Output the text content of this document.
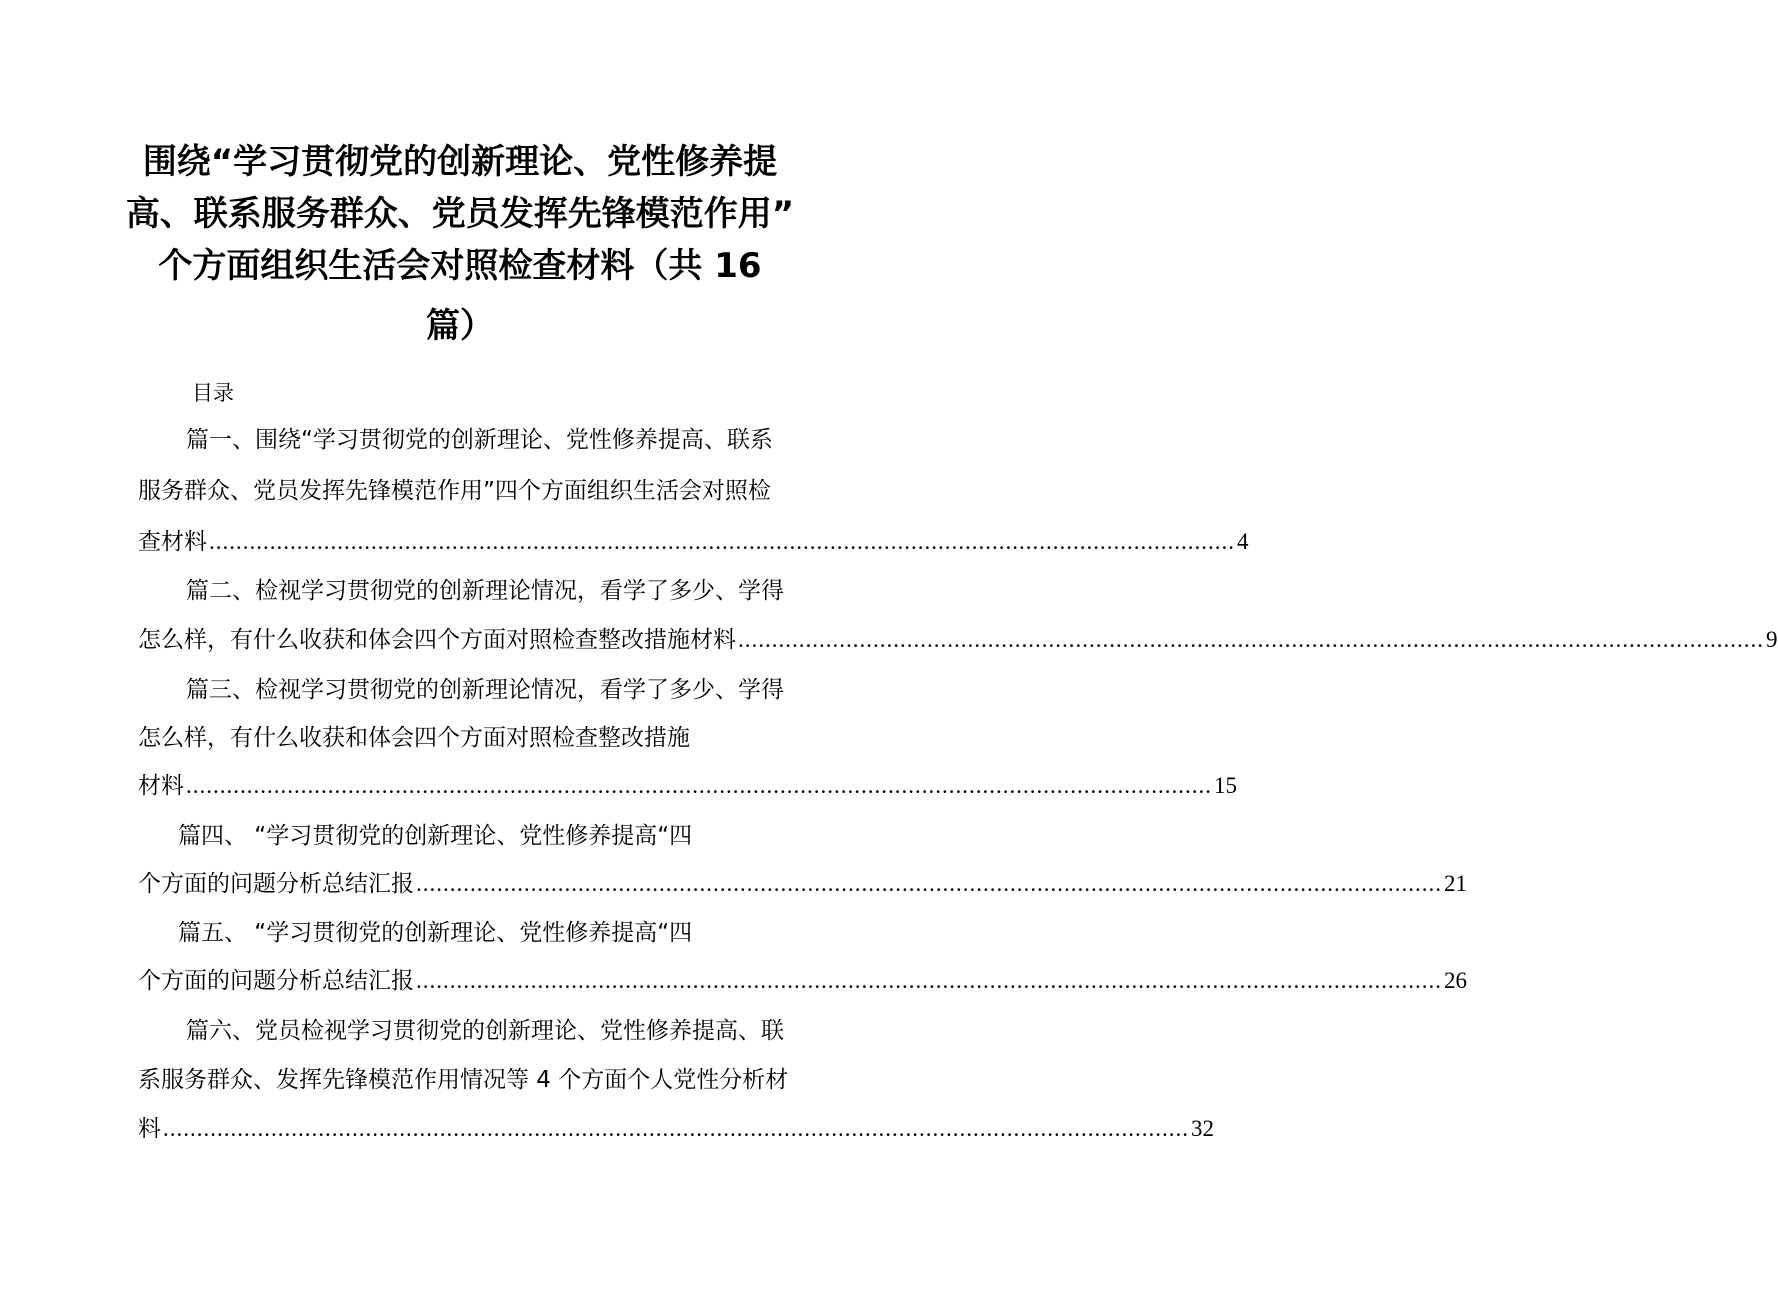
围绕“学习贯彻党的创新理论、党性修养提
高、联系服务群众、党员发挥先锋模范作用”
个方面组织生活会对照检查材料（共 16
篇）
目录
篇一、围绕“学习贯彻党的创新理论、党性修养提高、联系
服务群众、党员发挥先锋模范作用”四个方面组织生活会对照检
查材料 ........................................................................................................................................................ 4
篇二、检视学习贯彻党的创新理论情况，看学了多少、学得
怎么样，有什么收获和体会四个方面对照检查整改措施材料 ........................................................................................................................................................ 9
篇三、检视学习贯彻党的创新理论情况，看学了多少、学得
怎么样，有什么收获和体会四个方面对照检查整改措施
材料 ........................................................................................................................................................ 15
篇四、 “学习贯彻党的创新理论、党性修养提高“四
个方面的问题分析总结汇报 ........................................................................................................................................................ 21
篇五、 “学习贯彻党的创新理论、党性修养提高“四
个方面的问题分析总结汇报 ........................................................................................................................................................ 26
篇六、党员检视学习贯彻党的创新理论、党性修养提高、联
系服务群众、发挥先锋模范作用情况等 4 个方面个人党性分析材
料 ........................................................................................................................................................ 32
